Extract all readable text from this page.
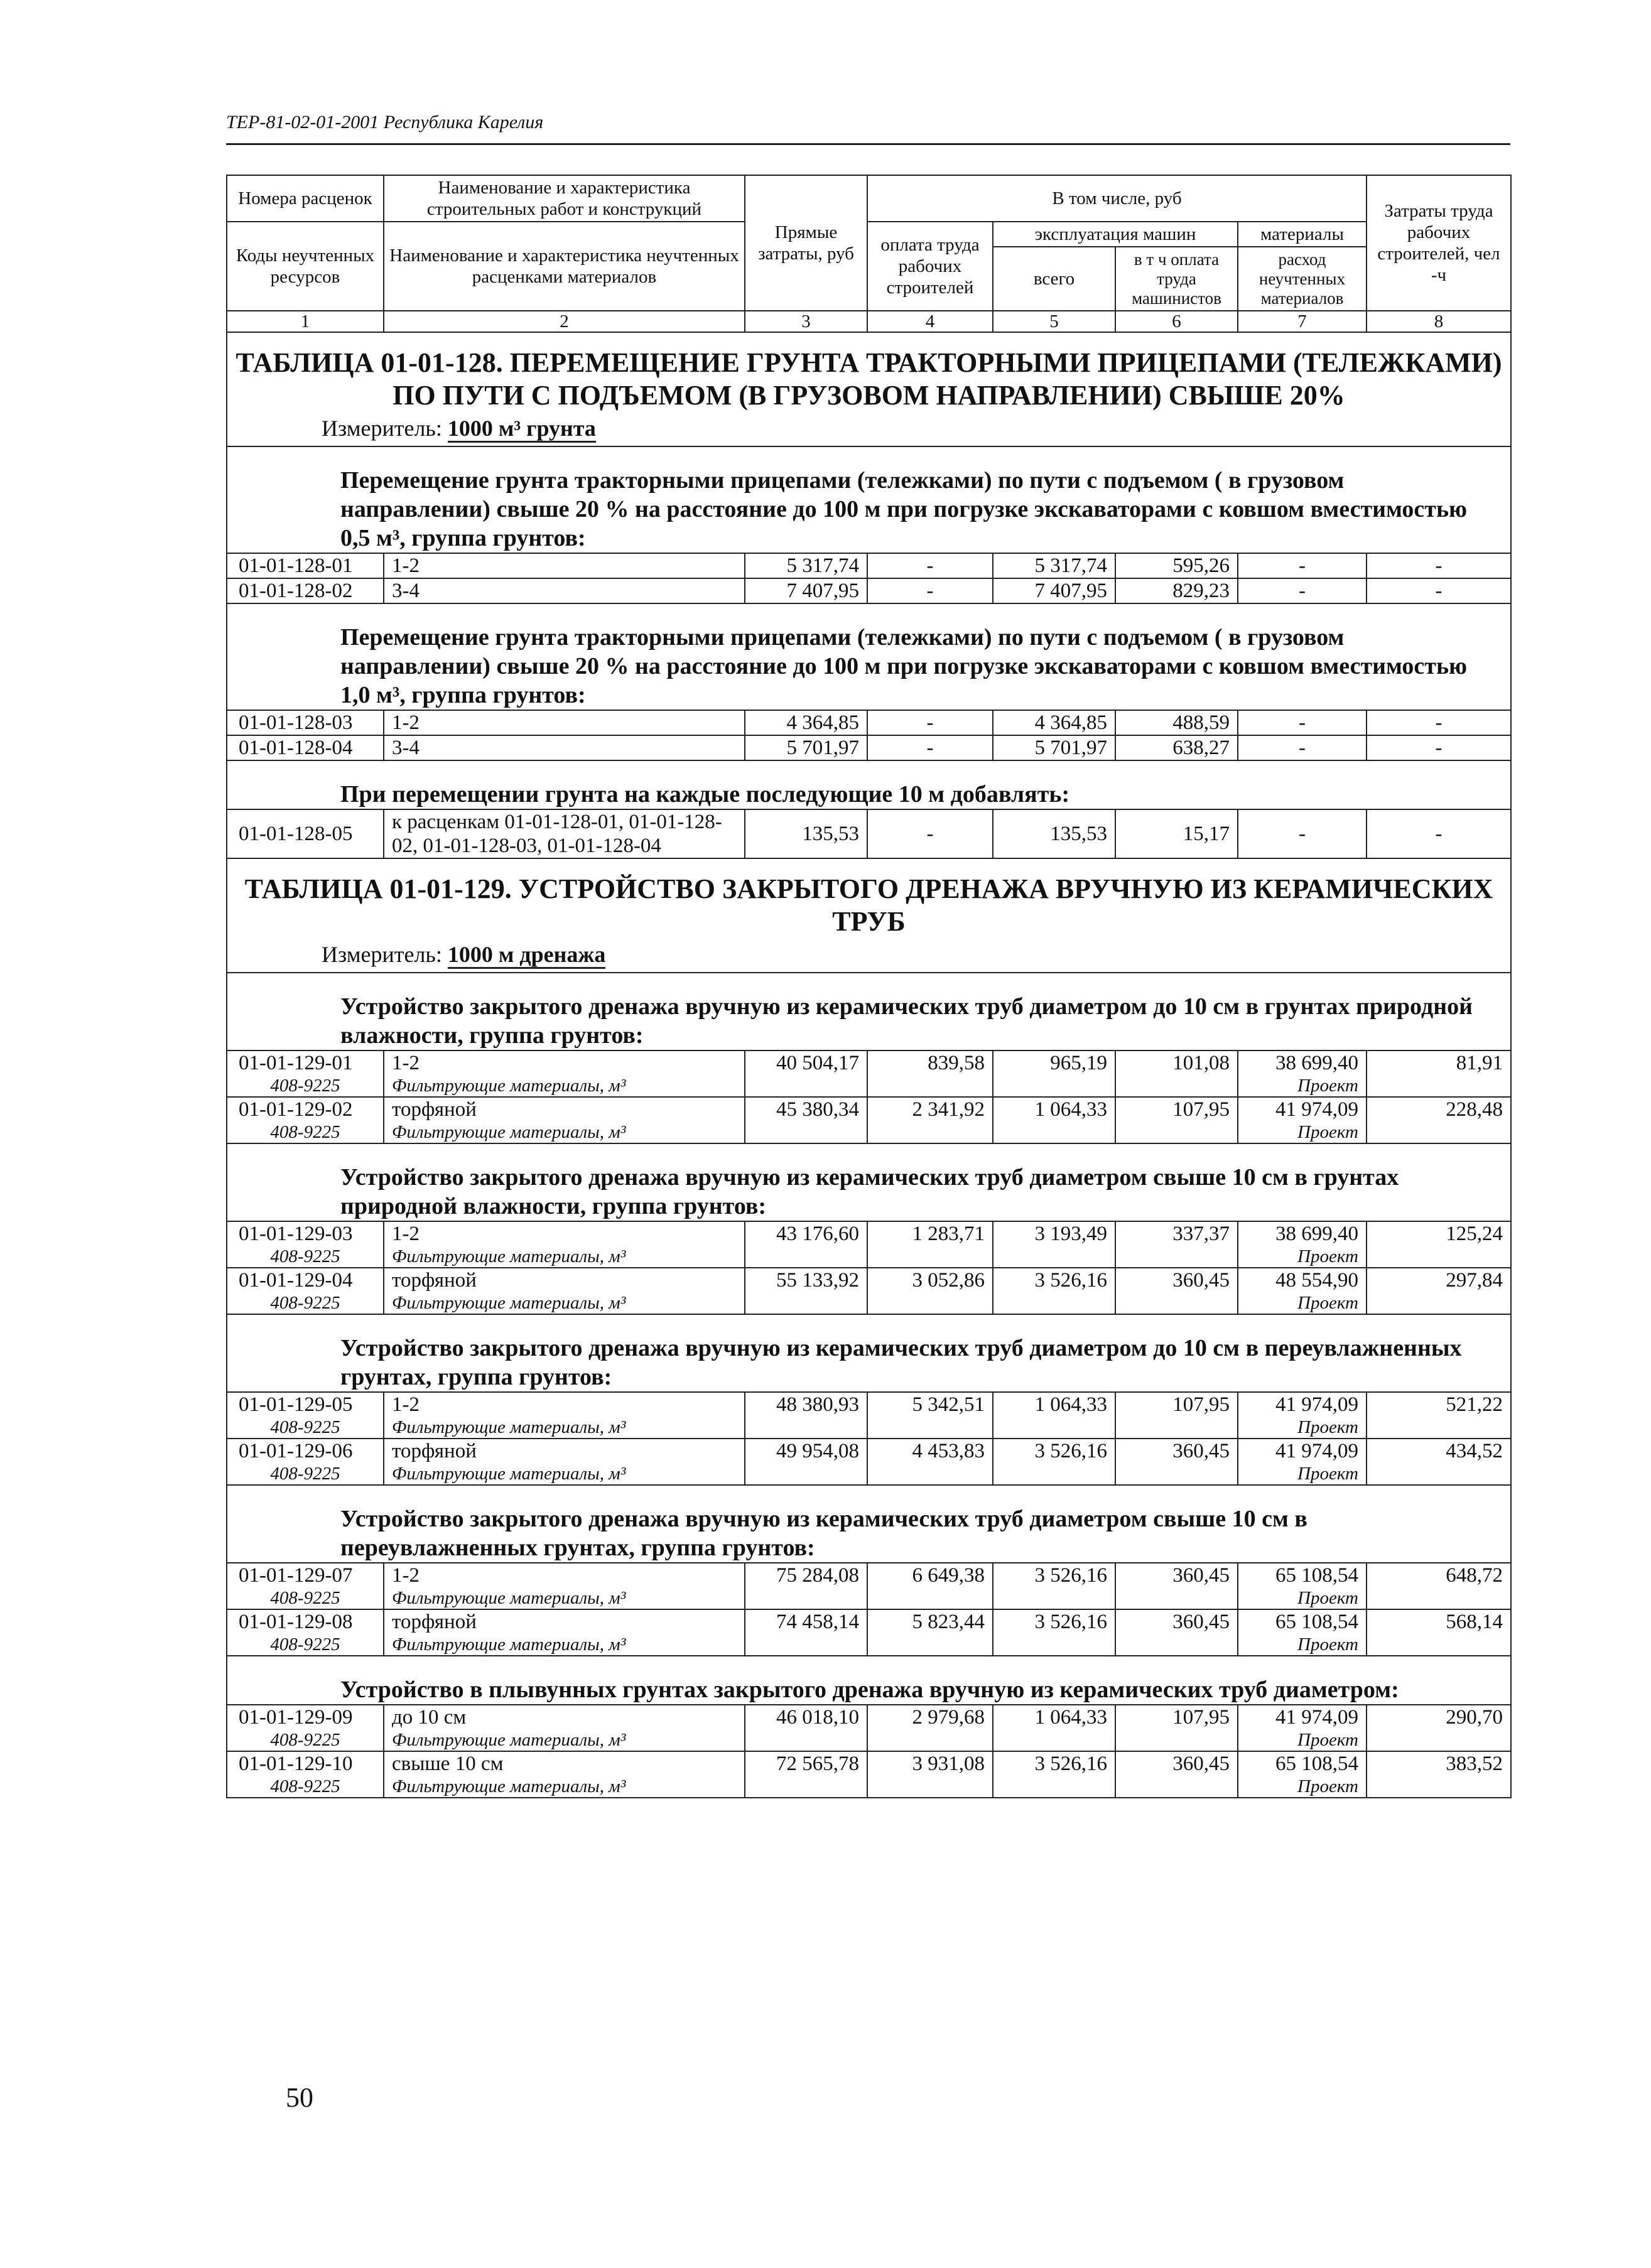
ТЕР-81-02-01-2001 Республика Карелия
Номера расценок	Наименование и характеристика строительных работ и конструкций	Прямые затраты, руб	В том числе, руб				Затраты труда рабочих строителей, чел -ч
Коды неучтенных ресурсов	Наименование и характеристика неучтенных расценками материалов		оплата труда рабочих строителей	эксплуатация машин		материалы	
				всего	в т ч оплата труда машинистов	расход неучтенных материалов	
1	2	3	4	5	6	7	8
ТАБЛИЦА 01-01-128. ПЕРЕМЕЩЕНИЕ ГРУНТА ТРАКТОРНЫМИ ПРИЦЕПАМИ (ТЕЛЕЖКАМИ) ПО ПУТИ С ПОДЪЕМОМ (В ГРУЗОВОМ НАПРАВЛЕНИИ) СВЫШЕ 20%							
Измеритель: 1000 м³ грунта							
Перемещение грунта тракторными прицепами (тележками) по пути с подъемом ( в грузовом направлении) свыше 20 % на расстояние до 100 м при погрузке экскаваторами с ковшом вместимостью 0,5 м³, группа грунтов:							
01-01-128-01	1-2	5 317,74	-	5 317,74	595,26	-	-
01-01-128-02	3-4	7 407,95	-	7 407,95	829,23	-	-
Перемещение грунта тракторными прицепами (тележками) по пути с подъемом ( в грузовом направлении) свыше 20 % на расстояние до 100 м при погрузке экскаваторами с ковшом вместимостью 1,0 м³, группа грунтов:							
01-01-128-03	1-2	4 364,85	-	4 364,85	488,59	-	-
01-01-128-04	3-4	5 701,97	-	5 701,97	638,27	-	-
При перемещении грунта на каждые последующие 10 м добавлять:							
01-01-128-05	к расценкам 01-01-128-01, 01-01-128-02, 01-01-128-03, 01-01-128-04	135,53	-	135,53	15,17	-	-
ТАБЛИЦА 01-01-129. УСТРОЙСТВО ЗАКРЫТОГО ДРЕНАЖА ВРУЧНУЮ ИЗ КЕРАМИЧЕСКИХ ТРУБ							
Измеритель: 1000 м дренажа							
Устройство закрытого дренажа вручную из керамических труб диаметром до 10 см в грунтах природной влажности, группа грунтов:							
01-01-129-01	1-2	40 504,17	839,58	965,19	101,08	38 699,40	81,91
408-9225	Фильтрующие материалы, м³					Проект	
01-01-129-02	торфяной	45 380,34	2 341,92	1 064,33	107,95	41 974,09	228,48
408-9225	Фильтрующие материалы, м³					Проект	
Устройство закрытого дренажа вручную из керамических труб диаметром свыше 10 см в грунтах природной влажности, группа грунтов:							
01-01-129-03	1-2	43 176,60	1 283,71	3 193,49	337,37	38 699,40	125,24
408-9225	Фильтрующие материалы, м³					Проект	
01-01-129-04	торфяной	55 133,92	3 052,86	3 526,16	360,45	48 554,90	297,84
408-9225	Фильтрующие материалы, м³					Проект	
Устройство закрытого дренажа вручную из керамических труб диаметром до 10 см в переувлажненных грунтах, группа грунтов:							
01-01-129-05	1-2	48 380,93	5 342,51	1 064,33	107,95	41 974,09	521,22
408-9225	Фильтрующие материалы, м³					Проект	
01-01-129-06	торфяной	49 954,08	4 453,83	3 526,16	360,45	41 974,09	434,52
408-9225	Фильтрующие материалы, м³					Проект	
Устройство закрытого дренажа вручную из керамических труб диаметром свыше 10 см в переувлажненных грунтах, группа грунтов:							
01-01-129-07	1-2	75 284,08	6 649,38	3 526,16	360,45	65 108,54	648,72
408-9225	Фильтрующие материалы, м³					Проект	
01-01-129-08	торфяной	74 458,14	5 823,44	3 526,16	360,45	65 108,54	568,14
408-9225	Фильтрующие материалы, м³					Проект	
Устройство в плывунных грунтах закрытого дренажа вручную из керамических труб диаметром:							
01-01-129-09	до 10 см	46 018,10	2 979,68	1 064,33	107,95	41 974,09	290,70
408-9225	Фильтрующие материалы, м³					Проект	
01-01-129-10	свыше 10 см	72 565,78	3 931,08	3 526,16	360,45	65 108,54	383,52
408-9225	Фильтрующие материалы, м³					Проект	
50
